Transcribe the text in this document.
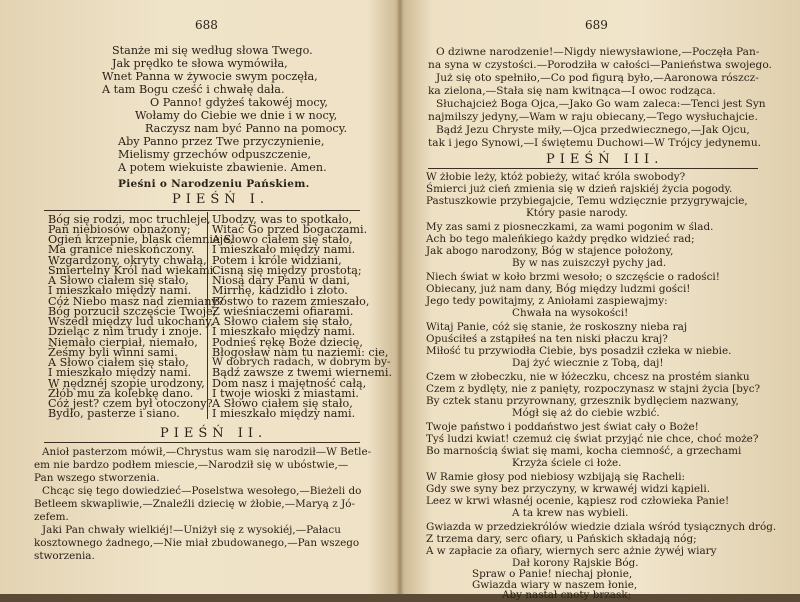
688
Stanże mi się według słowa Twego.
Jak prędko te słowa wymówiła,
Wnet Panna w żywocie swym poczęła,
A tam Bogu cześć i chwałę dała.
O Panno! gdyżeś takowéj mocy,
Wołamy do Ciebie we dnie i w nocy,
Raczysz nam być Panno na pomocy.
Aby Panno przez Twe przyczynienie,
Mielismy grzechów odpuszczenie,
A potem wiekuiste zbawienie. Amen.
Pieśni o Narodzeniu Pańskiem.
PIEŚŃ I.
Bóg się rodzi, moc truchleje,
Pan niebiosów obnażony;
Ogień krzepnie, blask ciemnieje,
Ma granice nieskończony.
Wzgardzony, okryty chwałą,
Śmiertelny Król nad wiekami.
A Słowo ciałem się stało,
I mieszkało między nami.
Cóż Niebo masz nad ziemiany?
Bóg porzucił szczęście Twoje;
Wszedł między lud ukochany,
Dzieląc z nim trudy i znoje.
Niemało cierpiał, niemało,
Żeśmy byli winni sami.
A Słowo ciałem się stało,
I mieszkało między nami.
W nędznéj szopie urodzony,
Żłób mu za kolebkę dano.
Cóż jest? czem był otoczony?
Bydło, pasterze i siano.
Ubodzy, was to spotkało,
Witać Go przed bogaczami.
A Słowo ciałem się stało,
I mieszkało między nami.
Potem i króle widziani,
Cisną się między prostotą;
Niosą dary Panu w dani,
Mirrhę, kadzidło i złoto.
Bóstwo to razem zmieszało,
Z wieśniaczemi ofiarami.
A Słowo ciałem się stało,
I mieszkało między nami.
Podnieś rękę Boże dziecię,
Błogosław nam tu naziemi: cie,
W dobrych radach, w dobrym by-
Bądź zawsze z twemi wiernemi.
Dom nasz i majętność całą,
I twoje wioski z miastami.
A Słowo ciałem się stało,
I mieszkało między nami.
PIEŚŃ II.
Anioł pasterzom mówił,—Chrystus wam się narodził—W Betle-
em nie bardzo podłem miescie,—Narodził się w ubóstwie,—
Pan wszego stworzenia.
Chcąc się tego dowiedzieć—Poselstwa wesołego,—Bieżeli do
Betleem skwapliwie,—Znaleźli dziecię w żłobie,—Maryą z Jó-
zefem.
Jaki Pan chwały wielkiéj!—Uniżył się z wysokiéj,—Pałacu
kosztownego żadnego,—Nie miał zbudowanego,—Pan wszego
stworzenia.
689
O dziwne narodzenie!—Nigdy niewysławione,—Poczęła Pan-
na syna w czystości.—Porodziła w całości—Panieństwa swojego.
Już się oto spełniło,—Co pod figurą było,—Aaronowa rószcz-
ka zielona,—Stała się nam kwitnąca—I owoc rodząca.
Słuchajcież Boga Ojca,—Jako Go wam zaleca:—Tenci jest Syn
najmilszy jedyny,—Wam w raju obiecany,—Tego wysłuchajcie.
Bądź Jezu Chryste miły,—Ojca przedwiecznego,—Jak Ojcu,
tak i jego Synowi,—I świętemu Duchowi—W Trójcy jedynemu.
PIEŚŃ III.
W żłobie leży, któż pobieży, witać króla swobody?
Śmierci już cień zmienia się w dzień rajskiéj życia pogody.
Pastuszkowie przybiegajcie, Temu wdzięcznie przygrywajcie,
Który pasie narody.
My zas sami z piosneczkami, za wami pogonim w ślad.
Ach bo tego maleńkiego każdy prędko widzieć rad;
Jak abogo narodzony, Bóg w stajence położony,
By w nas zuiszczył pychy jad.
Niech świat w koło brzmi wesoło; o szczęście o radości!
Obiecany, już nam dany, Bóg między ludzmi gości!
Jego tedy powitajmy, z Aniołami zaspiewajmy:
Chwała na wysokości!
Witaj Panie, cóż się stanie, że roskoszny nieba raj
Opuściłeś a zstąpiłeś na ten niski płaczu kraj?
Miłość tu przywiodła Ciebie, bys posadził człeka w niebie.
Daj żyć wiecznie z Tobą, daj!
Czem w złobeczku, nie w łóżeczku, chcesz na prostém sianku
Czem z bydlęty, nie z panięty, rozpoczynasz w stajni życia [byc?
By cztek stanu przyrownany, grzesznik bydlęciem nazwany,
Mógł się aż do ciebie wzbić.
Twoje państwo i poddaństwo jest świat cały o Boże!
Tyś ludzi kwiat! czemuż cię świat przyjąć nie chce, choć może?
Bo marnością świat się mami, kocha ciemność, a grzechami
Krzyża ściele ci łoże.
W Ramie głosy pod niebiosy wzbijają się Racheli:
Gdy swe syny bez przyczyny, w krwawéj widzi kąpieli.
Leez w krwi własnéj ocenie, kąpiesz rod człowieka Panie!
A ta krew nas wybieli.
Gwiazda w przedziekrólów wiedzie dziala wśród tysiącznych dróg.
Z trzema dary, serc ofiary, u Pańskich składają nóg;
A w zapłacie za ofiary, wiernych serc ażnie żywéj wiary
Dał korony Rajskie Bóg.
Spraw o Panie! niechaj płonie,
Gwiazda wiary w naszem łonie,
Aby nastał cnoty brzask;
